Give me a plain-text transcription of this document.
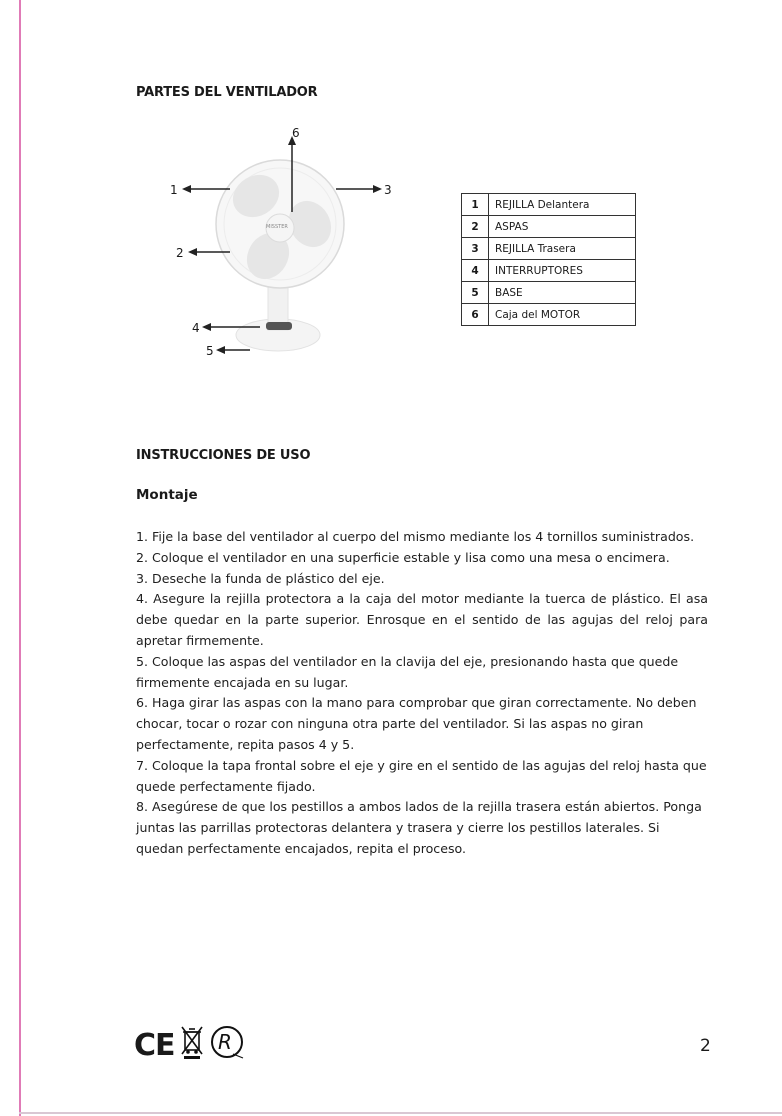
PARTES DEL VENTILADOR
6
1	3
2
4
5
MISSTER
1	REJILLA Delantera
2	ASPAS
3	REJILLA Trasera
4	INTERRUPTORES
5	BASE
6	Caja del MOTOR
INSTRUCCIONES DE USO
Montaje

1. Fije la base del ventilador al cuerpo del mismo mediante los 4 tornillos suministrados.

2. Coloque el ventilador en una superficie estable y lisa como una mesa o encimera.

3. Deseche la funda de plástico del eje.

4. Asegure la rejilla protectora a la caja del motor mediante la tuerca de plástico. El asa debe quedar en la parte superior. Enrosque en el sentido de las agujas del reloj para apretar firmemente.

5. Coloque las aspas del ventilador en la clavija del eje, presionando hasta que quede firmemente encajada en su lugar.

6. Haga girar las aspas con la mano para comprobar que giran correctamente. No deben chocar, tocar o rozar con ninguna otra parte del ventilador. Si las aspas no giran perfectamente, repita pasos 4 y 5.

7. Coloque la tapa frontal sobre el eje y gire en el sentido de las agujas del reloj hasta que quede perfectamente fijado.

8. Asegúrese de que los pestillos a ambos lados de la rejilla trasera están abiertos. Ponga juntas las parrillas protectoras delantera y trasera y cierre los pestillos laterales. Si quedan perfectamente encajados, repita el proceso.

CE R	2
